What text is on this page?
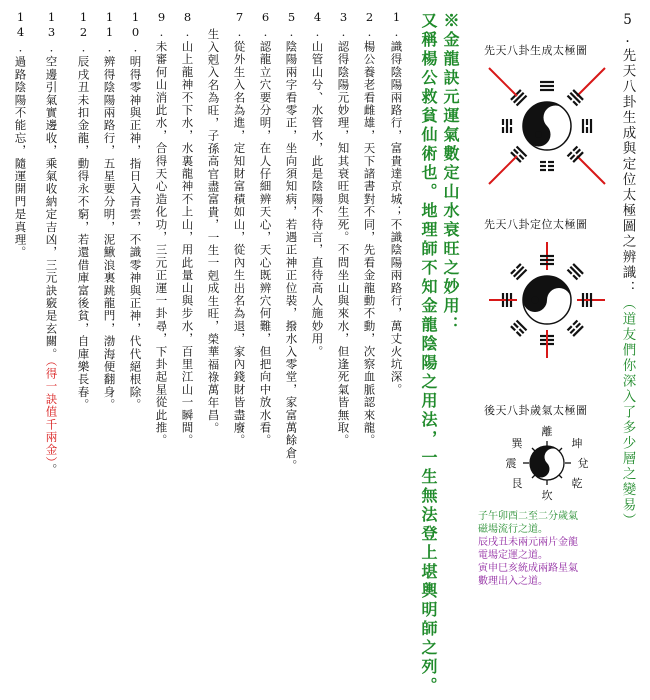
5.先天八卦生成與定位太極圖之辨識：（道友們你深入了多少層之變易）
先天八卦生成太極圖
先天八卦定位太極圖
後天八卦歲氣太極圖
離
坤
兌
乾
坎
艮
震
巽
子午卯酉二至二分歲氣
磁場流行之道。
辰戌丑未兩元兩片金龍
電場定運之道。
寅申巳亥統成兩路星氣
數理出入之道。
※金龍訣元運氣數定山水衰旺之妙用：
又稱楊公救貧仙術也。地理師不知金龍陰陽之用法，一生無法登上堪輿明師之列。
1.識得陰陽兩路行，富貴達京城；不識陰陽兩路行，萬丈火坑深。
2.楊公養老看雌雄，天下諸書對不同，先看金龍動不動，次察血脈認來龍。
3.認得陰陽元妙理，知其衰旺與生死。不問坐山與來水，但逢死氣皆無取。
4.山管山兮、水管水，此是陰陽不待言，直待高人施妙用。
5.陰陽兩字看零正，坐向須知病，若遇正神正位裝，撥水入零堂，家富萬餘倉。
6.認龍立穴要分明，在人仔細辨天心，天心既辨穴何難，但把向中放水看。
7.從外生入名為進，定知財富積如山，從內生出名為退，家內錢財皆盡廢。
生入剋入名為旺，子孫高官盡富貴，一生一剋成生旺，榮華福祿萬年昌。
8.山上龍神不下水，水裏龍神不上山，用此量山與步水，百里江山一瞬間。
9.未審何山消此水，合得天心造化功，三元正運一卦尋，下卦起星從此推。
10.明得零神與正神，指日入青雲，不識零神與正神，代代絕根除。
11.辨得陰陽兩路行，五星要分明，泥鰍浪裏跳龍門，渤海便翻身。
12.辰戌丑未扣金龍，動得永不窮，若還借庫富後貧，自庫樂長春。
13.空邊引氣實邊收，乘氣收納定吉凶，三元訣竅是玄關。（得一訣值千兩金）。
14.過路陰陽不能忘，隨運開門是真理。
